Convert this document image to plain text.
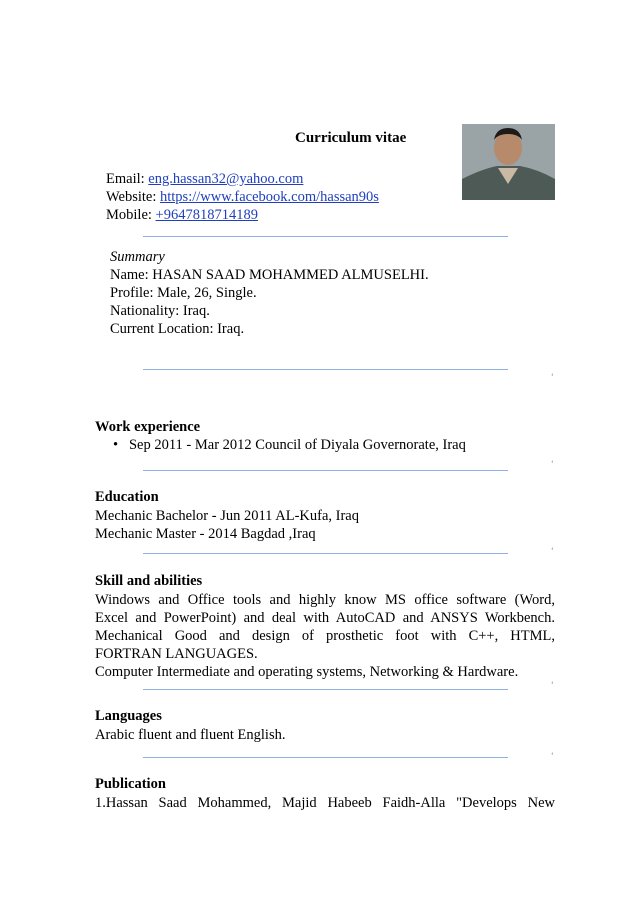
Curriculum vitae
Email: eng.hassan32@yahoo.com
Website: https://www.facebook.com/hassan90s
Mobile: +9647818714189
Summary
Name: HASAN SAAD MOHAMMED ALMUSELHI.
Profile: Male, 26, Single.
Nationality: Iraq.
Current Location: Iraq.
ʻ
Work experience
• Sep 2011 - Mar 2012 Council of Diyala Governorate, Iraq
ʻ
Education
Mechanic Bachelor - Jun 2011 AL-Kufa, Iraq
Mechanic Master - 2014 Bagdad ,Iraq
ʻ
Skill and abilities
Windows and Office tools and highly know MS office software (Word,
Excel and PowerPoint) and deal with AutoCAD and ANSYS Workbench.
Mechanical Good and design of prosthetic foot with C++, HTML,
FORTRAN LANGUAGES.
Computer Intermediate and operating systems, Networking & Hardware.
ʻ
Languages
Arabic fluent and fluent English.
ʻ
Publication
1.Hassan Saad Mohammed, Majid Habeeb Faidh-Alla "Develops New
